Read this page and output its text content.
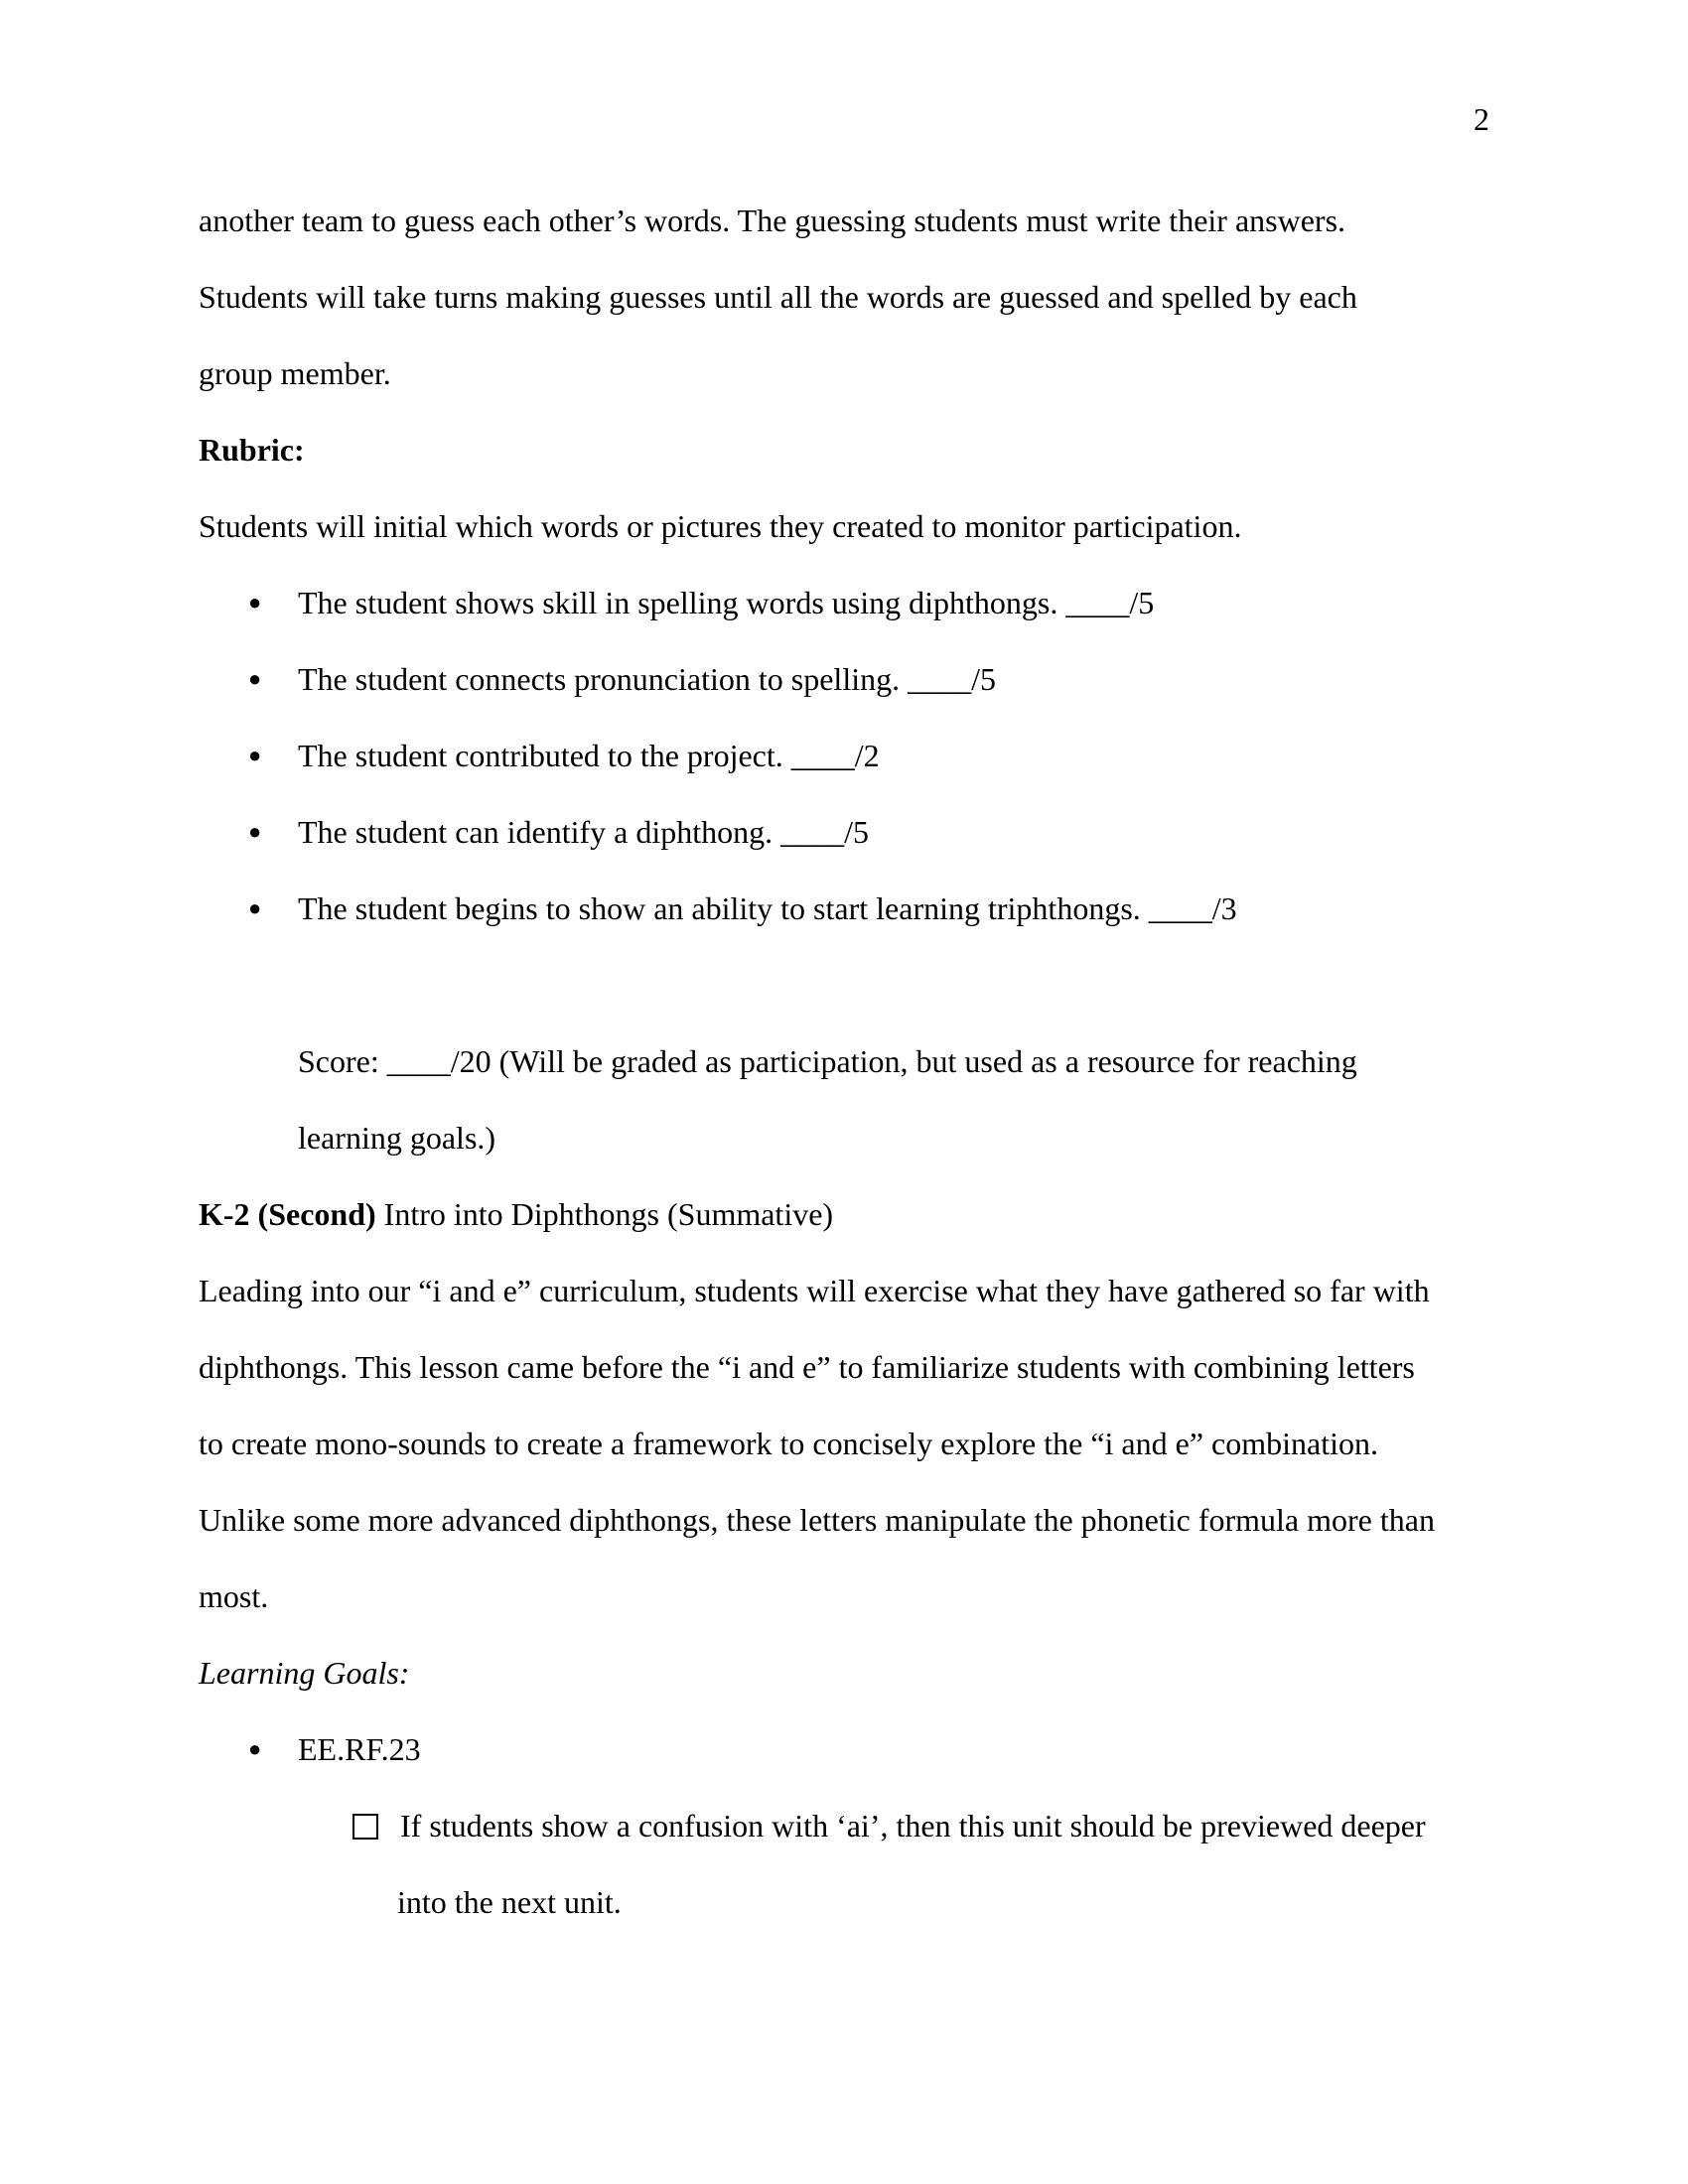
2

another team to guess each other’s words. The guessing students must write their answers.

Students will take turns making guesses until all the words are guessed and spelled by each

group member.

Rubric:

Students will initial which words or pictures they created to monitor participation.

●	The student shows skill in spelling words using diphthongs. ____/5
●	The student connects pronunciation to spelling. ____/5
●	The student contributed to the project. ____/2
●	The student can identify a diphthong. ____/5
●	The student begins to show an ability to start learning triphthongs. ____/3

Score: ____/20 (Will be graded as participation, but used as a resource for reaching

learning goals.)

K-2 (Second) Intro into Diphthongs (Summative)

Leading into our “i and e” curriculum, students will exercise what they have gathered so far with

diphthongs. This lesson came before the “i and e” to familiarize students with combining letters

to create mono-sounds to create a framework to concisely explore the “i and e” combination.

Unlike some more advanced diphthongs, these letters manipulate the phonetic formula more than

most.

Learning Goals:

●	EE.RF.23
If students show a confusion with ‘ai’, then this unit should be previewed deeper

into the next unit.
